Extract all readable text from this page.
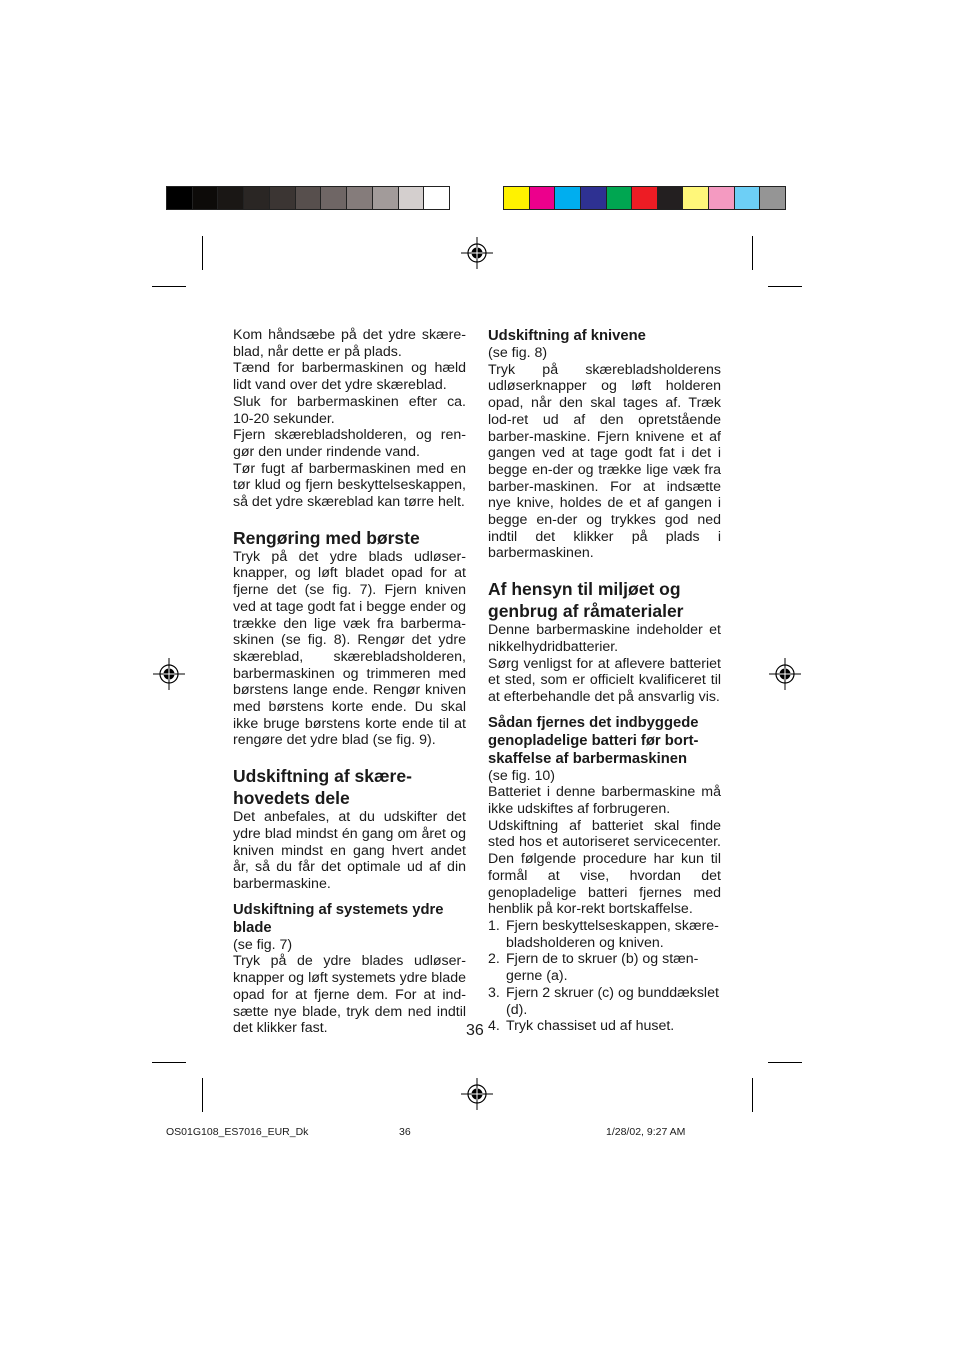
Kom håndsæbe på det ydre skære-blad, når dette er på plads.

Tænd for barbermaskinen og hæld lidt vand over det ydre skæreblad.

Sluk for barbermaskinen efter ca. 10-20 sekunder.

Fjern skærebladsholderen, og ren-gør den under rindende vand.

Tør fugt af barbermaskinen med en tør klud og fjern beskyttelseskappen, så det ydre skæreblad kan tørre helt.

Rengøring med børste

Tryk på det ydre blads udløser-knapper, og løft bladet opad for at fjerne det (se fig. 7). Fjern kniven ved at tage godt fat i begge ender og trække den lige væk fra barberma-skinen (se fig. 8). Rengør det ydre skæreblad, skærebladsholderen, barbermaskinen og trimmeren med børstens lange ende. Rengør kniven med børstens korte ende. Du skal ikke bruge børstens korte ende til at rengøre det ydre blad (se fig. 9).

Udskiftning af skære-hovedets dele

Det anbefales, at du udskifter det ydre blad mindst én gang om året og kniven mindst en gang hvert andet år, så du får det optimale ud af din barbermaskine.

Udskiftning af systemets ydre blade

(se fig. 7)

Tryk på de ydre blades udløser-knapper og løft systemets ydre blade opad for at fjerne dem. For at ind-sætte nye blade, tryk dem ned indtil det klikker fast.

Udskiftning af knivene

(se fig. 8)

Tryk på skærebladsholderens udløserknapper og løft holderen opad, når den skal tages af. Træk lod-ret ud af den opretstående barber-maskine. Fjern knivene et af gangen ved at tage godt fat i det i begge en-der og trække lige væk fra barber-maskinen. For at indsætte nye knive, holdes de et af gangen i begge en-der og trykkes god ned indtil det klikker på plads i barbermaskinen.

Af hensyn til miljøet og genbrug af råmaterialer

Denne barbermaskine indeholder et nikkelhydridbatterier.

Sørg venligst for at aflevere batteriet et sted, som er officielt kvalificeret til at efterbehandle det på ansvarlig vis.

Sådan fjernes det indbyggede genopladelige batteri før bort-skaffelse af barbermaskinen

(se fig. 10)

Batteriet i denne barbermaskine må ikke udskiftes af forbrugeren.

Udskiftning af batteriet skal finde sted hos et autoriseret servicecenter. Den følgende procedure har kun til formål at vise, hvordan det genopladelige batteri fjernes med henblik på kor-rekt bortskaffelse.

1. Fjern beskyttelseskappen, skære-bladsholderen og kniven.
2. Fjern de to skruer (b) og stæn-gerne (a).
3. Fjern 2 skruer (c) og bunddækslet (d).
4. Tryk chassiset ud af huset.
36
OS01G108_ES7016_EUR_Dk	36	1/28/02, 9:27 AM
